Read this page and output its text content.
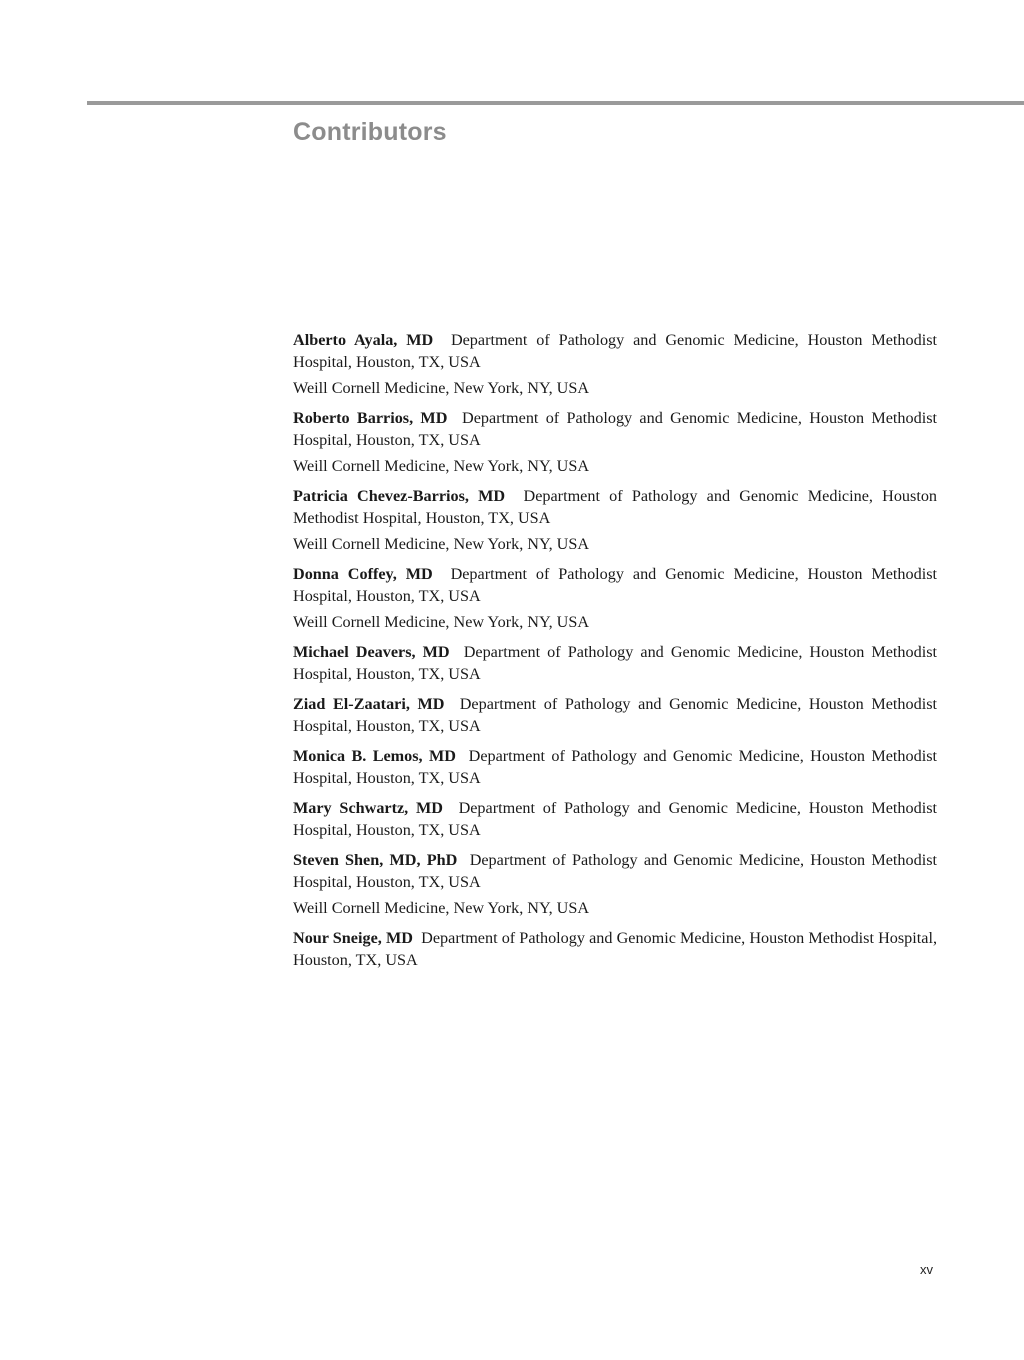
Contributors

Alberto Ayala, MD Department of Pathology and Genomic Medicine, Houston Methodist Hospital, Houston, TX, USA

Weill Cornell Medicine, New York, NY, USA

Roberto Barrios, MD Department of Pathology and Genomic Medicine, Houston Methodist Hospital, Houston, TX, USA

Weill Cornell Medicine, New York, NY, USA

Patricia Chevez-Barrios, MD Department of Pathology and Genomic Medicine, Houston Methodist Hospital, Houston, TX, USA

Weill Cornell Medicine, New York, NY, USA

Donna Coffey, MD Department of Pathology and Genomic Medicine, Houston Methodist Hospital, Houston, TX, USA

Weill Cornell Medicine, New York, NY, USA

Michael Deavers, MD Department of Pathology and Genomic Medicine, Houston Methodist Hospital, Houston, TX, USA

Ziad El-Zaatari, MD Department of Pathology and Genomic Medicine, Houston Methodist Hospital, Houston, TX, USA

Monica B. Lemos, MD Department of Pathology and Genomic Medicine, Houston Methodist Hospital, Houston, TX, USA

Mary Schwartz, MD Department of Pathology and Genomic Medicine, Houston Methodist Hospital, Houston, TX, USA

Steven Shen, MD, PhD Department of Pathology and Genomic Medicine, Houston Methodist Hospital, Houston, TX, USA

Weill Cornell Medicine, New York, NY, USA

Nour Sneige, MD Department of Pathology and Genomic Medicine, Houston Methodist Hospital, Houston, TX, USA

xv
